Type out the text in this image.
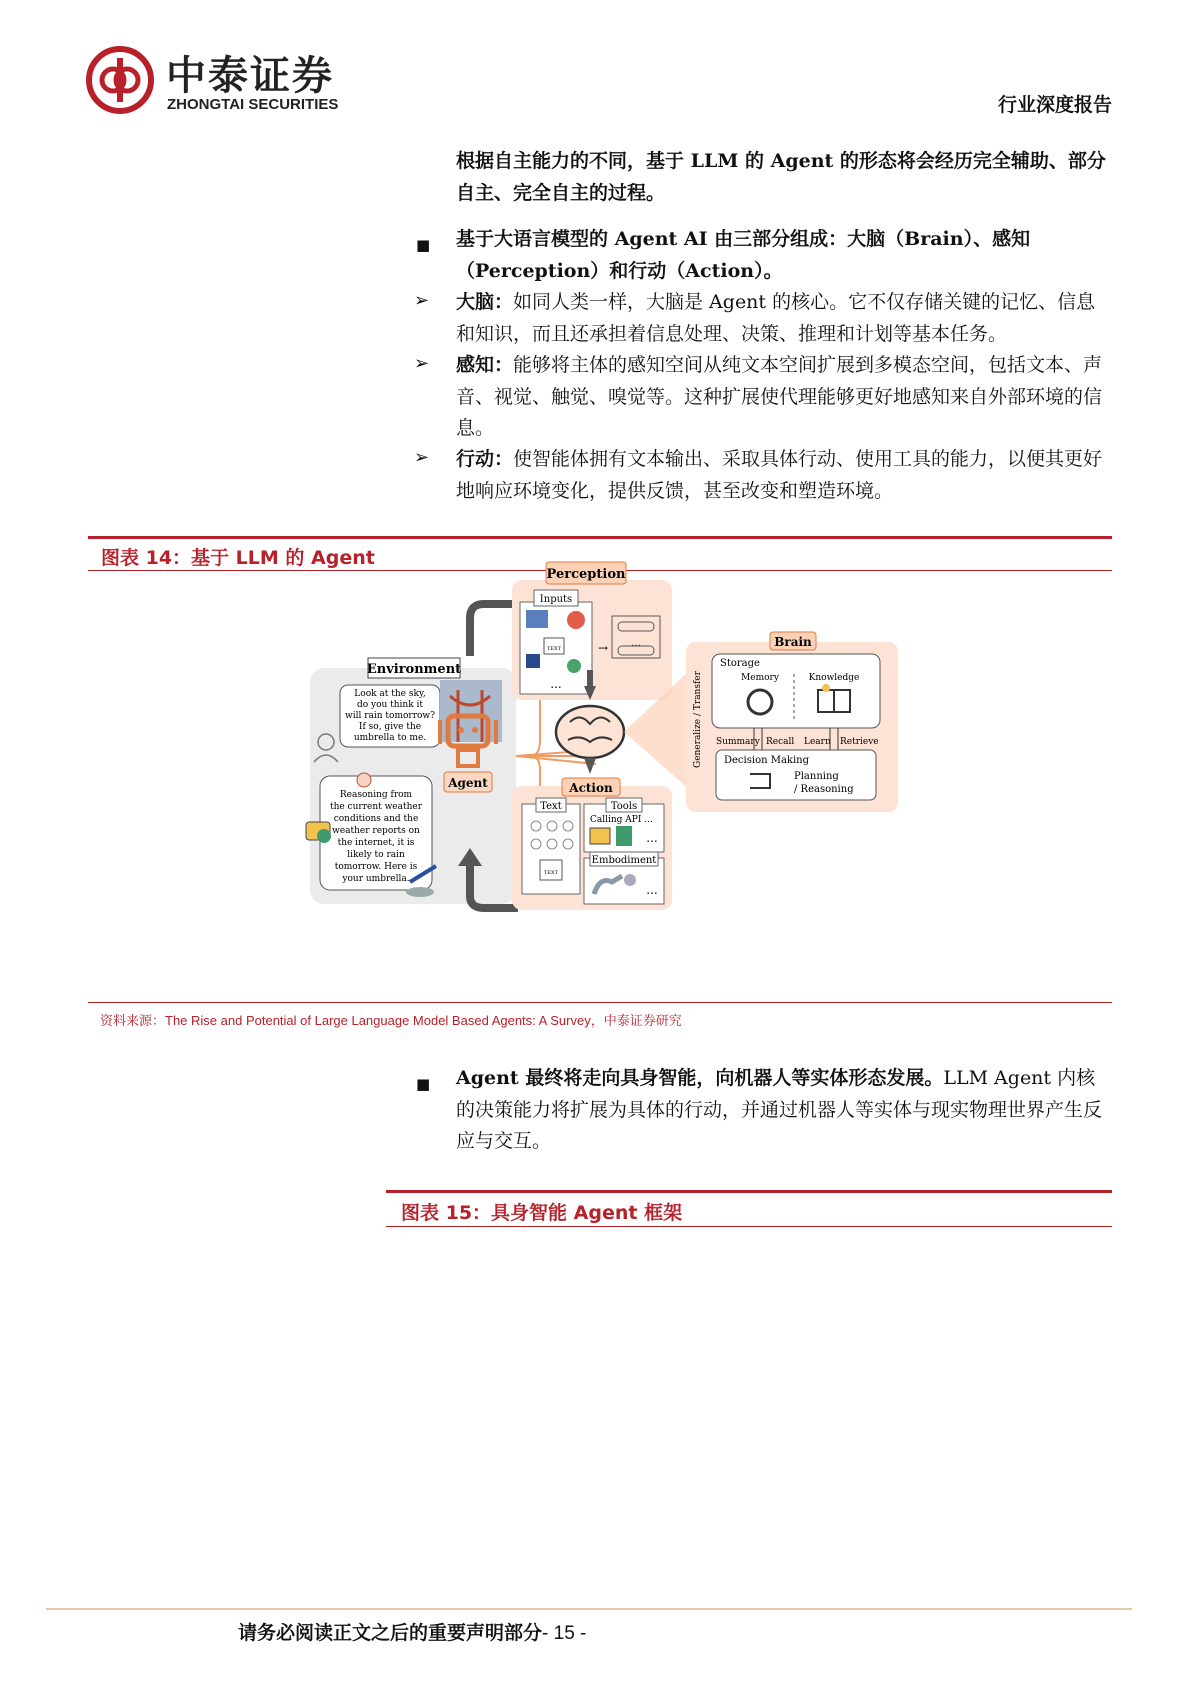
中泰证券
ZHONGTAI SECURITIES	行业深度报告
根据自主能力的不同，基于 LLM 的 Agent 的形态将会经历完全辅助、部分自主、完全自主的过程。
■ 基于大语言模型的 Agent AI 由三部分组成：大脑（Brain）、感知（Perception）和行动（Action）。
➢ 大脑：如同人类一样，大脑是 Agent 的核心。它不仅存储关键的记忆、信息和知识，而且还承担着信息处理、决策、推理和计划等基本任务。
➢ 感知：能够将主体的感知空间从纯文本空间扩展到多模态空间，包括文本、声音、视觉、触觉、嗅觉等。这种扩展使代理能够更好地感知来自外部环境的信息。
➢ 行动：使智能体拥有文本输出、采取具体行动、使用工具的能力，以便其更好地响应环境变化，提供反馈，甚至改变和塑造环境。
图表 14：基于 LLM 的 Agent
Environment
Look at the sky,
do you think it
will rain tomorrow?
If so, give the
umbrella to me.
Reasoning from
the current weather
conditions and the
weather reports on
the internet, it is
likely to rain
tomorrow. Here is
your umbrella.
Agent
Perception
Inputs
TEXT
...
→ ...	Brain
Generalize / Transfer
Storage
Memory	Knowledge
Summary Recall Learn Retrieve
Decision Making
Planning
/ Reasoning
Action
Text
TEXT
Tools
Calling API ...
...
Embodiment
...
资料来源：The Rise and Potential of Large Language Model Based Agents: A Survey，中泰证券研究
■ Agent 最终将走向具身智能，向机器人等实体形态发展。LLM Agent 内核的决策能力将扩展为具体的行动，并通过机器人等实体与现实物理世界产生反应与交互。
图表 15：具身智能 Agent 框架
请务必阅读正文之后的重要声明部分- 15 -
